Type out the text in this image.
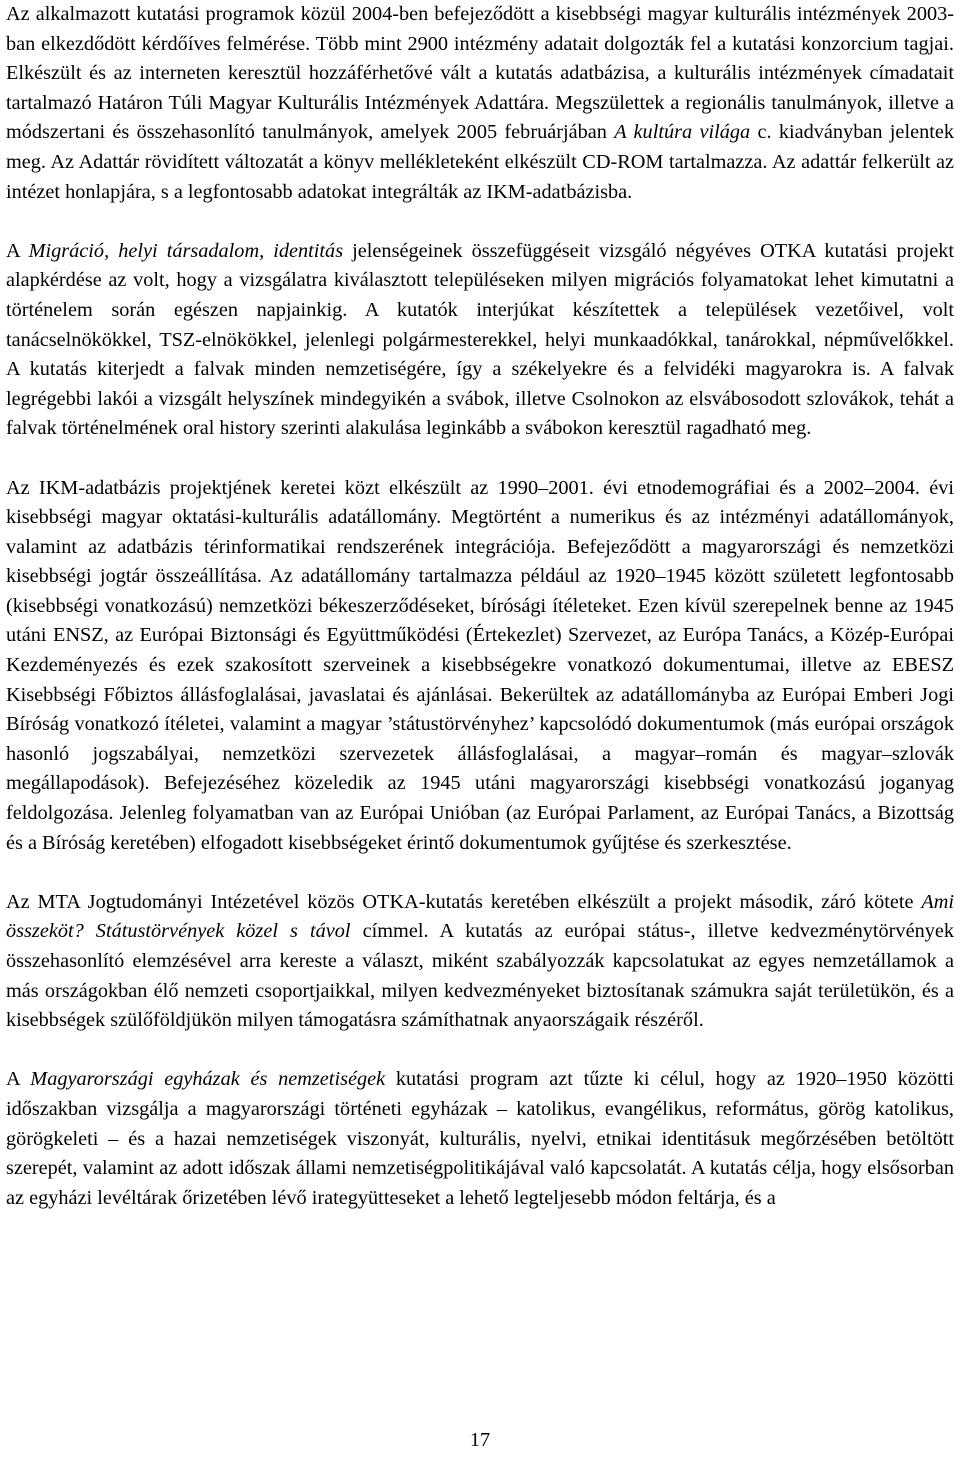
Az alkalmazott kutatási programok közül 2004-ben befejeződött a kisebbségi magyar kulturális intézmények 2003-ban elkezdődött kérdőíves felmérése. Több mint 2900 intézmény adatait dolgozták fel a kutatási konzorcium tagjai. Elkészült és az interneten keresztül hozzáférhetővé vált a kutatás adatbázisa, a kulturális intézmények címadatait tartalmazó Határon Túli Magyar Kulturális Intézmények Adattára. Megszülettek a regionális tanulmányok, illetve a módszertani és összehasonlító tanulmányok, amelyek 2005 februárjában A kultúra világa c. kiadványban jelentek meg. Az Adattár rövidített változatát a könyv mellékleteként elkészült CD-ROM tartalmazza. Az adattár felkerült az intézet honlapjára, s a legfontosabb adatokat integrálták az IKM-adatbázisba.

A Migráció, helyi társadalom, identitás jelenségeinek összefüggéseit vizsgáló négyéves OTKA kutatási projekt alapkérdése az volt, hogy a vizsgálatra kiválasztott településeken milyen migrációs folyamatokat lehet kimutatni a történelem során egészen napjainkig. A kutatók interjúkat készítettek a települések vezetőivel, volt tanácselnökökkel, TSZ-elnökökkel, jelenlegi polgármesterekkel, helyi munkaadókkal, tanárokkal, népművelőkkel. A kutatás kiterjedt a falvak minden nemzetiségére, így a székelyekre és a felvidéki magyarokra is. A falvak legrégebbi lakói a vizsgált helyszínek mindegyikén a svábok, illetve Csolnokon az elsvábosodott szlovákok, tehát a falvak történelmének oral history szerinti alakulása leginkább a svábokon keresztül ragadható meg.

Az IKM-adatbázis projektjének keretei közt elkészült az 1990–2001. évi etnodemográfiai és a 2002–2004. évi kisebbségi magyar oktatási-kulturális adatállomány. Megtörtént a numerikus és az intézményi adatállományok, valamint az adatbázis térinformatikai rendszerének integrációja. Befejeződött a magyarországi és nemzetközi kisebbségi jogtár összeállítása. Az adatállomány tartalmazza például az 1920–1945 között született legfontosabb (kisebbségi vonatkozású) nemzetközi békeszerződéseket, bírósági ítéleteket. Ezen kívül szerepelnek benne az 1945 utáni ENSZ, az Európai Biztonsági és Együttműködési (Értekezlet) Szervezet, az Európa Tanács, a Közép-Európai Kezdeményezés és ezek szakosított szerveinek a kisebbségekre vonatkozó dokumentumai, illetve az EBESZ Kisebbségi Főbiztos állásfoglalásai, javaslatai és ajánlásai. Bekerültek az adatállományba az Európai Emberi Jogi Bíróság vonatkozó ítéletei, valamint a magyar ’státustörvényhez’ kapcsolódó dokumentumok (más európai országok hasonló jogszabályai, nemzetközi szervezetek állásfoglalásai, a magyar–román és magyar–szlovák megállapodások). Befejezéséhez közeledik az 1945 utáni magyarországi kisebbségi vonatkozású joganyag feldolgozása. Jelenleg folyamatban van az Európai Unióban (az Európai Parlament, az Európai Tanács, a Bizottság és a Bíróság keretében) elfogadott kisebbségeket érintő dokumentumok gyűjtése és szerkesztése.

Az MTA Jogtudományi Intézetével közös OTKA-kutatás keretében elkészült a projekt második, záró kötete Ami összeköt? Státustörvények közel s távol címmel. A kutatás az európai státus-, illetve kedvezménytörvények összehasonlító elemzésével arra kereste a választ, miként szabályozzák kapcsolatukat az egyes nemzetállamok a más országokban élő nemzeti csoportjaikkal, milyen kedvezményeket biztosítanak számukra saját területükön, és a kisebbségek szülőföldjükön milyen támogatásra számíthatnak anyaországaik részéről.

A Magyarországi egyházak és nemzetiségek kutatási program azt tűzte ki célul, hogy az 1920–1950 közötti időszakban vizsgálja a magyarországi történeti egyházak – katolikus, evangélikus, református, görög katolikus, görögkeleti – és a hazai nemzetiségek viszonyát, kulturális, nyelvi, etnikai identitásuk megőrzésében betöltött szerepét, valamint az adott időszak állami nemzetiségpolitikájával való kapcsolatát. A kutatás célja, hogy elsősorban az egyházi levéltárak őrizetében lévő irategyütteseket a lehető legteljesebb módon feltárja, és a

17
